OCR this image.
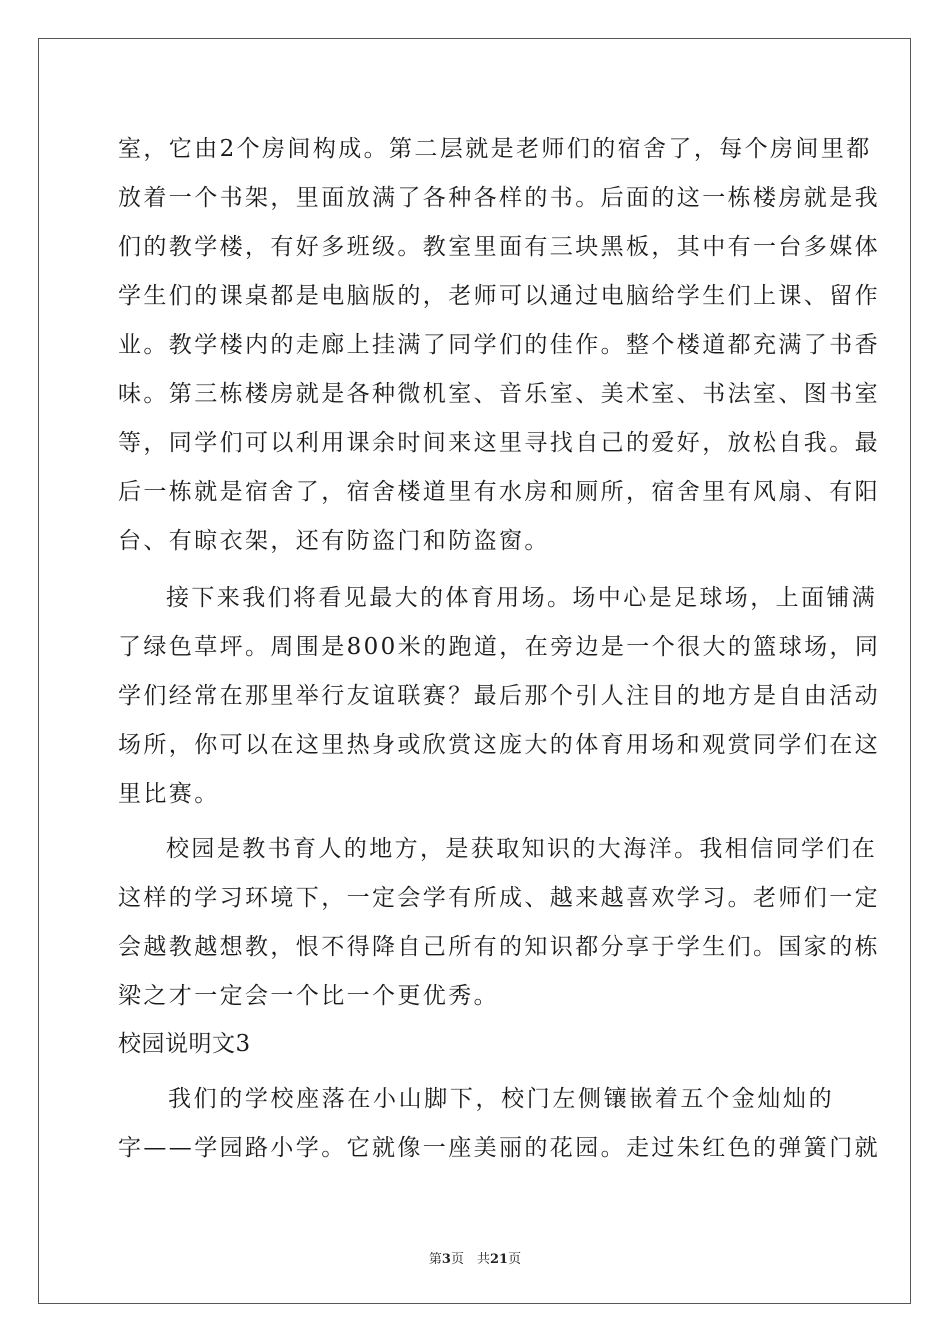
室，它由2个房间构成。第二层就是老师们的宿舍了，每个房间里都
放着一个书架，里面放满了各种各样的书。后面的这一栋楼房就是我
们的教学楼，有好多班级。教室里面有三块黑板，其中有一台多媒体
学生们的课桌都是电脑版的，老师可以通过电脑给学生们上课、留作
业。教学楼内的走廊上挂满了同学们的佳作。整个楼道都充满了书香
味。第三栋楼房就是各种微机室、音乐室、美术室、书法室、图书室
等，同学们可以利用课余时间来这里寻找自己的爱好，放松自我。最
后一栋就是宿舍了，宿舍楼道里有水房和厕所，宿舍里有风扇、有阳
台、有晾衣架，还有防盗门和防盗窗。
接下来我们将看见最大的体育用场。场中心是足球场，上面铺满
了绿色草坪。周围是800米的跑道，在旁边是一个很大的篮球场，同
学们经常在那里举行友谊联赛？最后那个引人注目的地方是自由活动
场所，你可以在这里热身或欣赏这庞大的体育用场和观赏同学们在这
里比赛。
校园是教书育人的地方，是获取知识的大海洋。我相信同学们在
这样的学习环境下，一定会学有所成、越来越喜欢学习。老师们一定
会越教越想教，恨不得降自己所有的知识都分享于学生们。国家的栋
梁之才一定会一个比一个更优秀。
校园说明文3
我们的学校座落在小山脚下，校门左侧镶嵌着五个金灿灿的
字——学园路小学。它就像一座美丽的花园。走过朱红色的弹簧门就
第3页　共21页
